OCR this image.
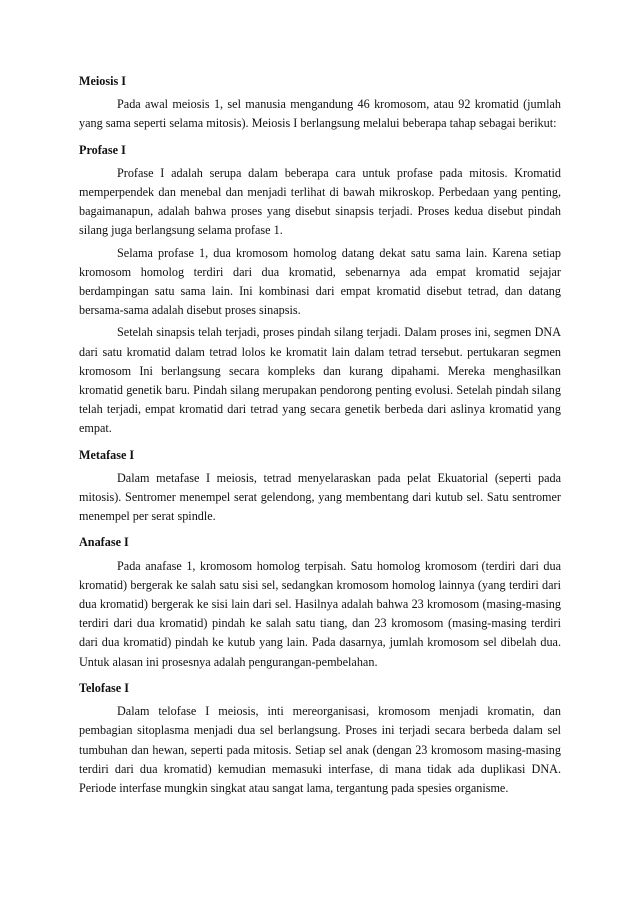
Meiosis I

Pada awal meiosis 1, sel manusia mengandung 46 kromosom, atau 92 kromatid (jumlah yang sama seperti selama mitosis). Meiosis I berlangsung melalui beberapa tahap sebagai berikut:

Profase I

Profase I adalah serupa dalam beberapa cara untuk profase pada mitosis. Kromatid memperpendek dan menebal dan menjadi terlihat di bawah mikroskop. Perbedaan yang penting, bagaimanapun, adalah bahwa proses yang disebut sinapsis terjadi. Proses kedua disebut pindah silang juga berlangsung selama profase 1.

Selama profase 1, dua kromosom homolog datang dekat satu sama lain. Karena setiap kromosom homolog terdiri dari dua kromatid, sebenarnya ada empat kromatid sejajar berdampingan satu sama lain. Ini kombinasi dari empat kromatid disebut tetrad, dan datang bersama-sama adalah disebut proses sinapsis.

Setelah sinapsis telah terjadi, proses pindah silang terjadi. Dalam proses ini, segmen DNA dari satu kromatid dalam tetrad lolos ke kromatit lain dalam tetrad tersebut. pertukaran segmen kromosom Ini berlangsung secara kompleks dan kurang dipahami. Mereka menghasilkan kromatid genetik baru. Pindah silang merupakan pendorong penting evolusi. Setelah pindah silang telah terjadi, empat kromatid dari tetrad yang secara genetik berbeda dari aslinya kromatid yang empat.

Metafase I

Dalam metafase I meiosis, tetrad menyelaraskan pada pelat Ekuatorial (seperti pada mitosis). Sentromer menempel serat gelendong, yang membentang dari kutub sel. Satu sentromer menempel per serat spindle.

Anafase I

Pada anafase 1, kromosom homolog terpisah. Satu homolog kromosom (terdiri dari dua kromatid) bergerak ke salah satu sisi sel, sedangkan kromosom homolog lainnya (yang terdiri dari dua kromatid) bergerak ke sisi lain dari sel. Hasilnya adalah bahwa 23 kromosom (masing-masing terdiri dari dua kromatid) pindah ke salah satu tiang, dan 23 kromosom (masing-masing terdiri dari dua kromatid) pindah ke kutub yang lain. Pada dasarnya, jumlah kromosom sel dibelah dua. Untuk alasan ini prosesnya adalah pengurangan-pembelahan.

Telofase I

Dalam telofase I meiosis, inti mereorganisasi, kromosom menjadi kromatin, dan pembagian sitoplasma menjadi dua sel berlangsung. Proses ini terjadi secara berbeda dalam sel tumbuhan dan hewan, seperti pada mitosis. Setiap sel anak (dengan 23 kromosom masing-masing terdiri dari dua kromatid) kemudian memasuki interfase, di mana tidak ada duplikasi DNA. Periode interfase mungkin singkat atau sangat lama, tergantung pada spesies organisme.
